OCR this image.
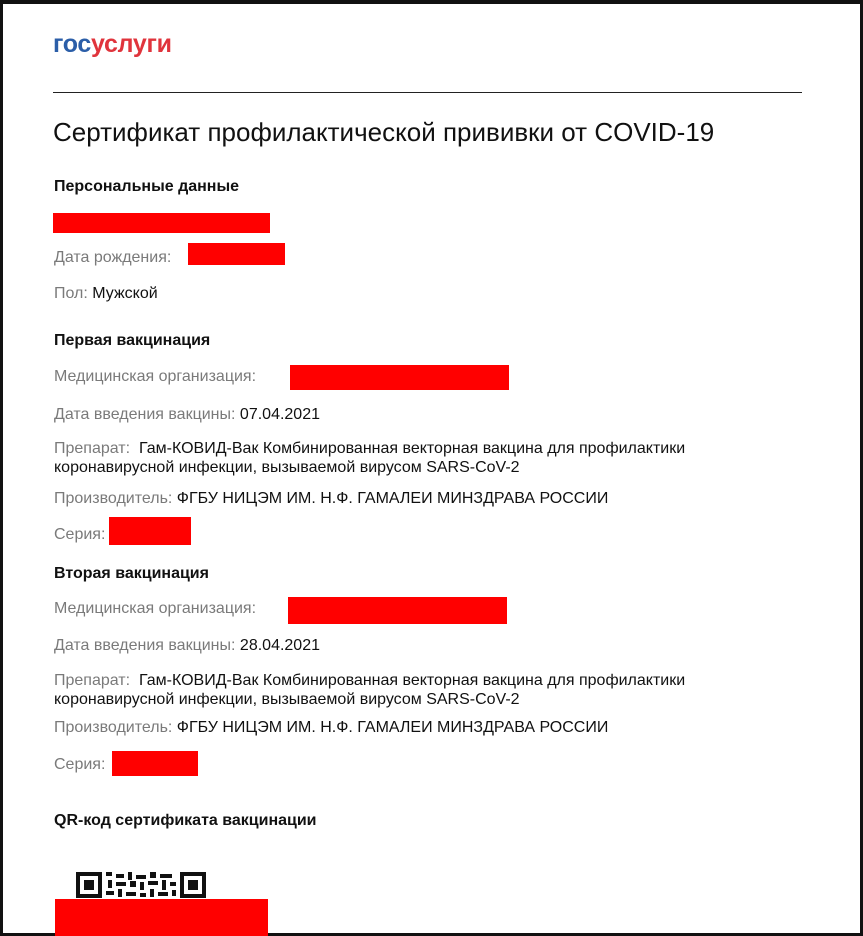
госуслуги
Сертификат профилактической прививки от COVID-19
Персональные данные
Дата рождения:
Пол: Мужской
Первая вакцинация
Медицинская организация:
Дата введения вакцины: 07.04.2021
Препарат: Гам-КОВИД-Вак Комбинированная векторная вакцина для профилактики коронавирусной инфекции, вызываемой вирусом SARS-CoV-2
Производитель: ФГБУ НИЦЭМ ИМ. Н.Ф. ГАМАЛЕИ МИНЗДРАВА РОССИИ
Серия:
Вторая вакцинация
Медицинская организация:
Дата введения вакцины: 28.04.2021
Препарат: Гам-КОВИД-Вак Комбинированная векторная вакцина для профилактики коронавирусной инфекции, вызываемой вирусом SARS-CoV-2
Производитель: ФГБУ НИЦЭМ ИМ. Н.Ф. ГАМАЛЕИ МИНЗДРАВА РОССИИ
Серия:
QR-код сертификата вакцинации
